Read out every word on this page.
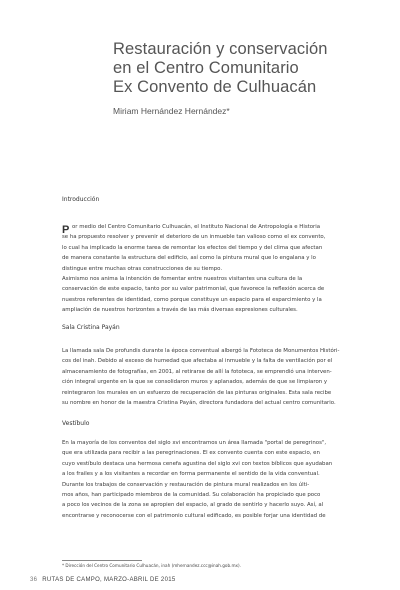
Restauración y conservación
en el Centro Comunitario
Ex Convento de Culhuacán
Miriam Hernández Hernández*
Introducción
P or medio del Centro Comunitario Culhuacán, el Instituto Nacional de Antropología e Historia
se ha propuesto resolver y prevenir el deterioro de un inmueble tan valioso como el ex convento,
lo cual ha implicado la enorme tarea de remontar los efectos del tiempo y del clima que afectan
de manera constante la estructura del edificio, así como la pintura mural que lo engalana y lo
distingue entre muchas otras construcciones de su tiempo.
Asimismo nos anima la intención de fomentar entre nuestros visitantes una cultura de la
conservación de este espacio, tanto por su valor patrimonial, que favorece la reflexión acerca de
nuestros referentes de identidad, como porque constituye un espacio para el esparcimiento y la
ampliación de nuestros horizontes a través de las más diversas expresiones culturales.
Sala Cristina Payán
La llamada sala De profundis durante la época conventual albergó la Fototeca de Monumentos Históri-
cos del inah. Debido al exceso de humedad que afectaba al inmueble y la falta de ventilación por el
almacenamiento de fotografías, en 2001, al retirarse de allí la fototeca, se emprendió una interven-
ción integral urgente en la que se consolidaron muros y aplanados, además de que se limpiaron y
reintegraron los murales en un esfuerzo de recuperación de las pinturas originales. Esta sala recibe
su nombre en honor de la maestra Cristina Payán, directora fundadora del actual centro comunitario.
Vestíbulo
En la mayoría de los conventos del siglo xvi encontramos un área llamada "portal de peregrinos",
que era utilizada para recibir a las peregrinaciones. El ex convento cuenta con este espacio, en
cuyo vestíbulo destaca una hermosa cenefa agustina del siglo xvi con textos bíblicos que ayudaban
a los frailes y a los visitantes a recordar en forma permanente el sentido de la vida conventual.
Durante los trabajos de conservación y restauración de pintura mural realizados en los últi-
mos años, han participado miembros de la comunidad. Su colaboración ha propiciado que poco
a poco los vecinos de la zona se apropien del espacio, al grado de sentirlo y hacerlo suyo. Así, al
encontrarse y reconocerse con el patrimonio cultural edificado, es posible forjar una identidad de
* Dirección del Centro Comunitario Culhuacán, inah (mhernandez.ccc@inah.gob.mx).
36 RUTAS DE CAMPO, MARZO-ABRIL DE 2015
